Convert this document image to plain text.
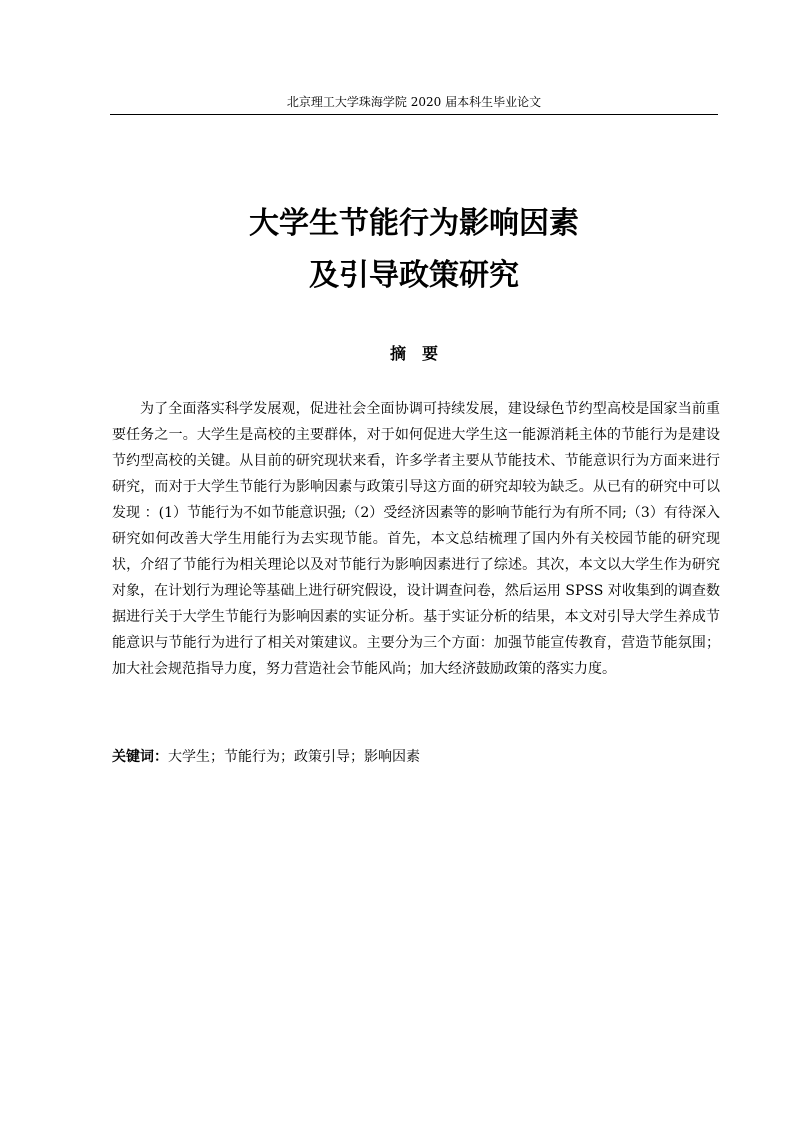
北京理工大学珠海学院 2020 届本科生毕业论文
大学生节能行为影响因素
及引导政策研究
摘要

为了全面落实科学发展观，促进社会全面协调可持续发展，建设绿色节约型高校是国家当前重要任务之一。大学生是高校的主要群体，对于如何促进大学生这一能源消耗主体的节能行为是建设节约型高校的关键。从目前的研究现状来看，许多学者主要从节能技术、节能意识行为方面来进行研究，而对于大学生节能行为影响因素与政策引导这方面的研究却较为缺乏。从已有的研究中可以发现 ：(1）节能行为不如节能意识强;（2）受经济因素等的影响节能行为有所不同;（3）有待深入研究如何改善大学生用能行为去实现节能。首先，本文总结梳理了国内外有关校园节能的研究现状，介绍了节能行为相关理论以及对节能行为影响因素进行了综述。其次，本文以大学生作为研究对象，在计划行为理论等基础上进行研究假设，设计调查问卷，然后运用 SPSS 对收集到的调查数据进行关于大学生节能行为影响因素的实证分析。基于实证分析的结果，本文对引导大学生养成节能意识与节能行为进行了相关对策建议。主要分为三个方面：加强节能宣传教育，营造节能氛围；加大社会规范指导力度，努力营造社会节能风尚；加大经济鼓励政策的落实力度。

关键词：大学生；节能行为；政策引导；影响因素
